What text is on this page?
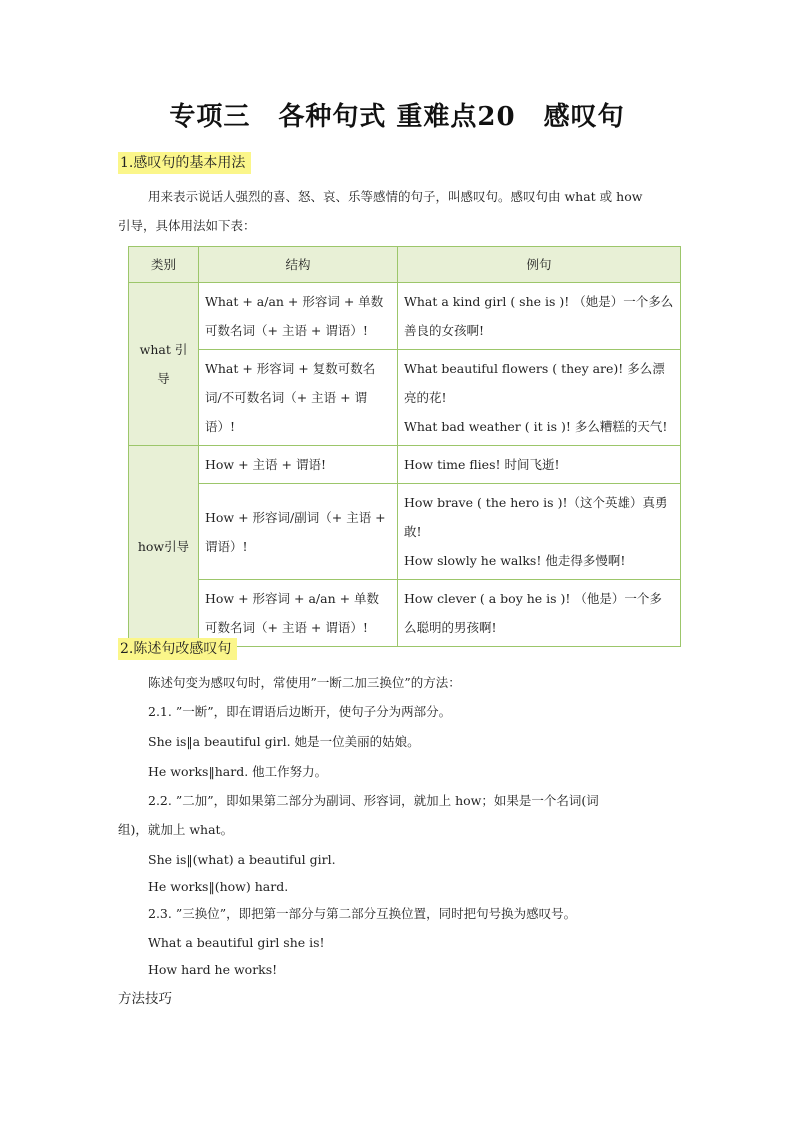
专项三 各种句式 重难点20 感叹句
1.感叹句的基本用法
用来表示说话人强烈的喜、怒、哀、乐等感情的句子，叫感叹句。感叹句由 what 或 how
引导，具体用法如下表：
类别	结构	例句
what 引导	What + a/an + 形容词 + 单数可数名词（+ 主语 + 谓语）!	What a kind girl ( she is )! （她是）一个多么善良的女孩啊!

	What + 形容词 + 复数可数名词/不可数名词（+ 主语 + 谓语）!	What beautiful flowers ( they are)! 多么漂亮的花!
What bad weather ( it is )! 多么糟糕的天气!

how引导	How + 主语 + 谓语!	How time flies! 时间飞逝!

	How + 形容词/副词（+ 主语 + 谓语）!	How brave ( the hero is )!（这个英雄）真勇敢!
How slowly he walks! 他走得多慢啊!

	How + 形容词 + a/an + 单数可数名词（+ 主语 + 谓语）!	How clever ( a boy he is )! （他是）一个多么聪明的男孩啊!
2.陈述句改感叹句
陈述句变为感叹句时，常使用”一断二加三换位”的方法：
2.1. ”一断”，即在谓语后边断开，使句子分为两部分。
She is‖a beautiful girl. 她是一位美丽的姑娘。
He works‖hard. 他工作努力。
2.2. ”二加”，即如果第二部分为副词、形容词，就加上 how；如果是一个名词(词
组)，就加上 what。
She is‖(what) a beautiful girl.
He works‖(how) hard.
2.3. ”三换位”，即把第一部分与第二部分互换位置，同时把句号换为感叹号。
What a beautiful girl she is!
How hard he works!
方法技巧
